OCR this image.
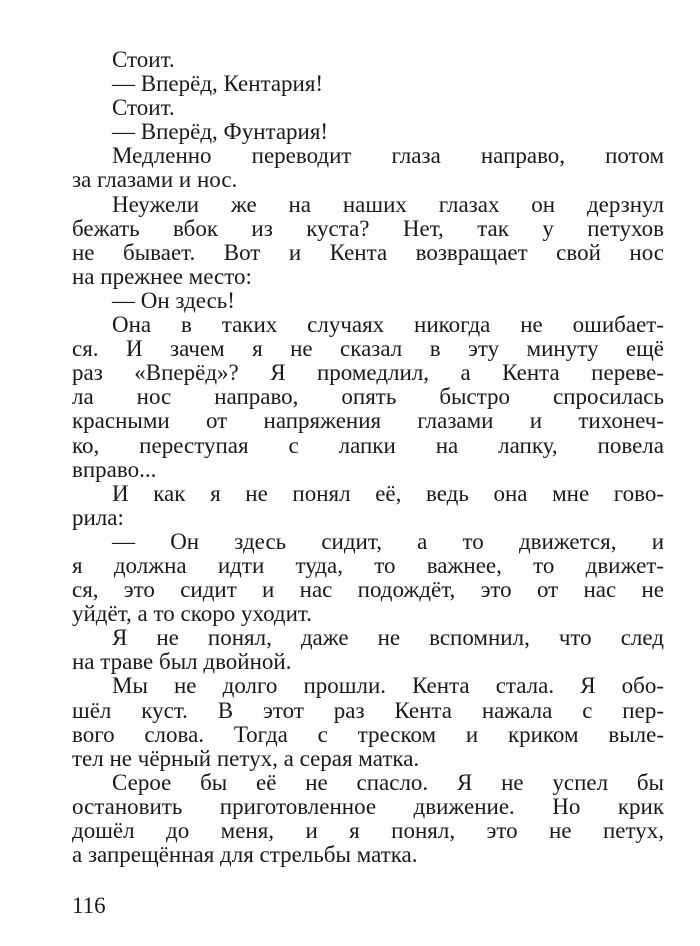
Стоит.
— Вперёд, Кентария!
Стоит.
— Вперёд, Фунтария!
Медленно переводит глаза направо, потом
за глазами и нос.
Неужели же на наших глазах он дерзнул
бежать вбок из куста? Нет, так у петухов
не бывает. Вот и Кента возвращает свой нос
на прежнее место:
— Он здесь!
Она в таких случаях никогда не ошибает-
ся. И зачем я не сказал в эту минуту ещё
раз «Вперёд»? Я промедлил, а Кента переве-
ла нос направо, опять быстро спросилась
красными от напряжения глазами и тихонеч-
ко, переступая с лапки на лапку, повела
вправо...
И как я не понял её, ведь она мне гово-
рила:
— Он здесь сидит, а то движется, и
я должна идти туда, то важнее, то движет-
ся, это сидит и нас подождёт, это от нас не
уйдёт, а то скоро уходит.
Я не понял, даже не вспомнил, что след
на траве был двойной.
Мы не долго прошли. Кента стала. Я обо-
шёл куст. В этот раз Кента нажала с пер-
вого слова. Тогда с треском и криком выле-
тел не чёрный петух, а серая матка.
Серое бы её не спасло. Я не успел бы
остановить приготовленное движение. Но крик
дошёл до меня, и я понял, это не петух,
а запрещённая для стрельбы матка.
116
